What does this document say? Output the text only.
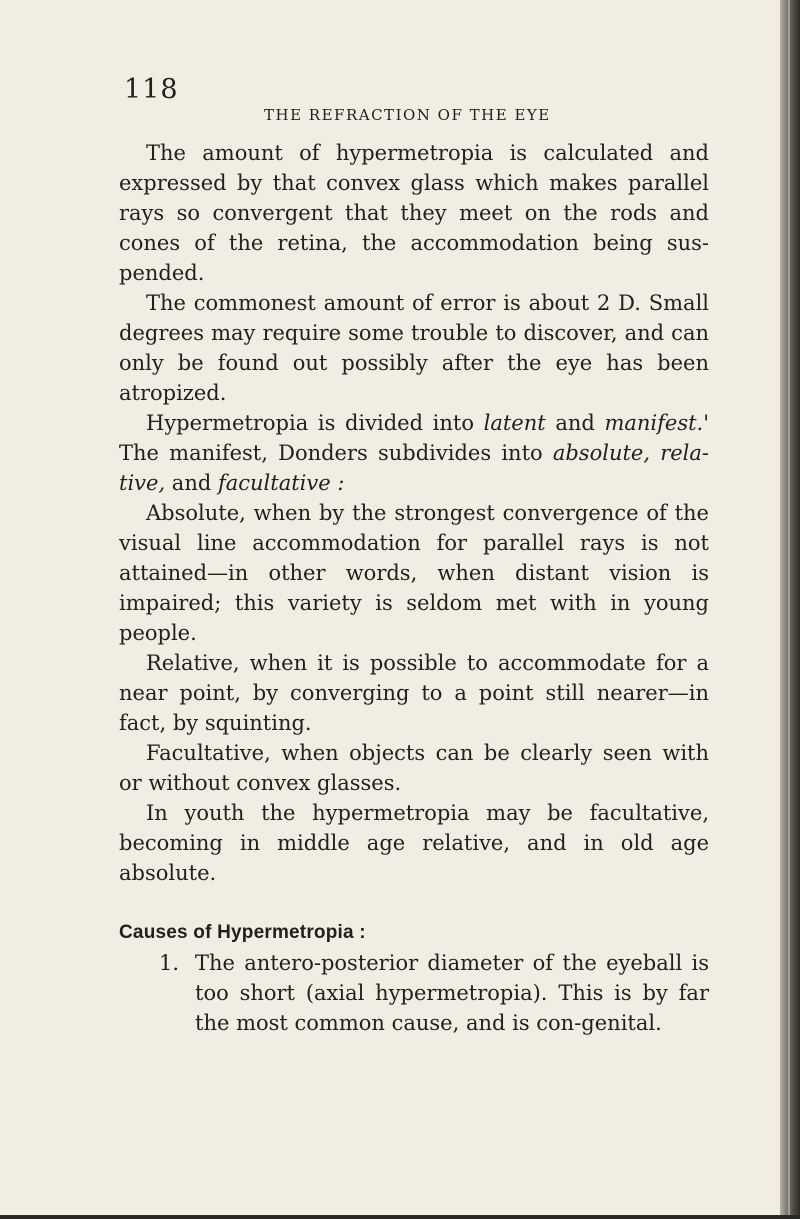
118
THE REFRACTION OF THE EYE

The amount of hypermetropia is calculated and expressed by that convex glass which makes parallel rays so convergent that they meet on the rods and cones of the retina, the accommodation being sus-pended.

The commonest amount of error is about 2 D. Small degrees may require some trouble to discover, and can only be found out possibly after the eye has been atropized.

Hypermetropia is divided into latent and manifest.' The manifest, Donders subdivides into absolute, rela-tive, and facultative :

Absolute, when by the strongest convergence of the visual line accommodation for parallel rays is not attained—in other words, when distant vision is impaired; this variety is seldom met with in young people.

Relative, when it is possible to accommodate for a near point, by converging to a point still nearer—in fact, by squinting.

Facultative, when objects can be clearly seen with or without convex glasses.

In youth the hypermetropia may be facultative, becoming in middle age relative, and in old age absolute.

Causes of Hypermetropia :

1. The antero-posterior diameter of the eyeball is too short (axial hypermetropia). This is by far the most common cause, and is con-genital.
